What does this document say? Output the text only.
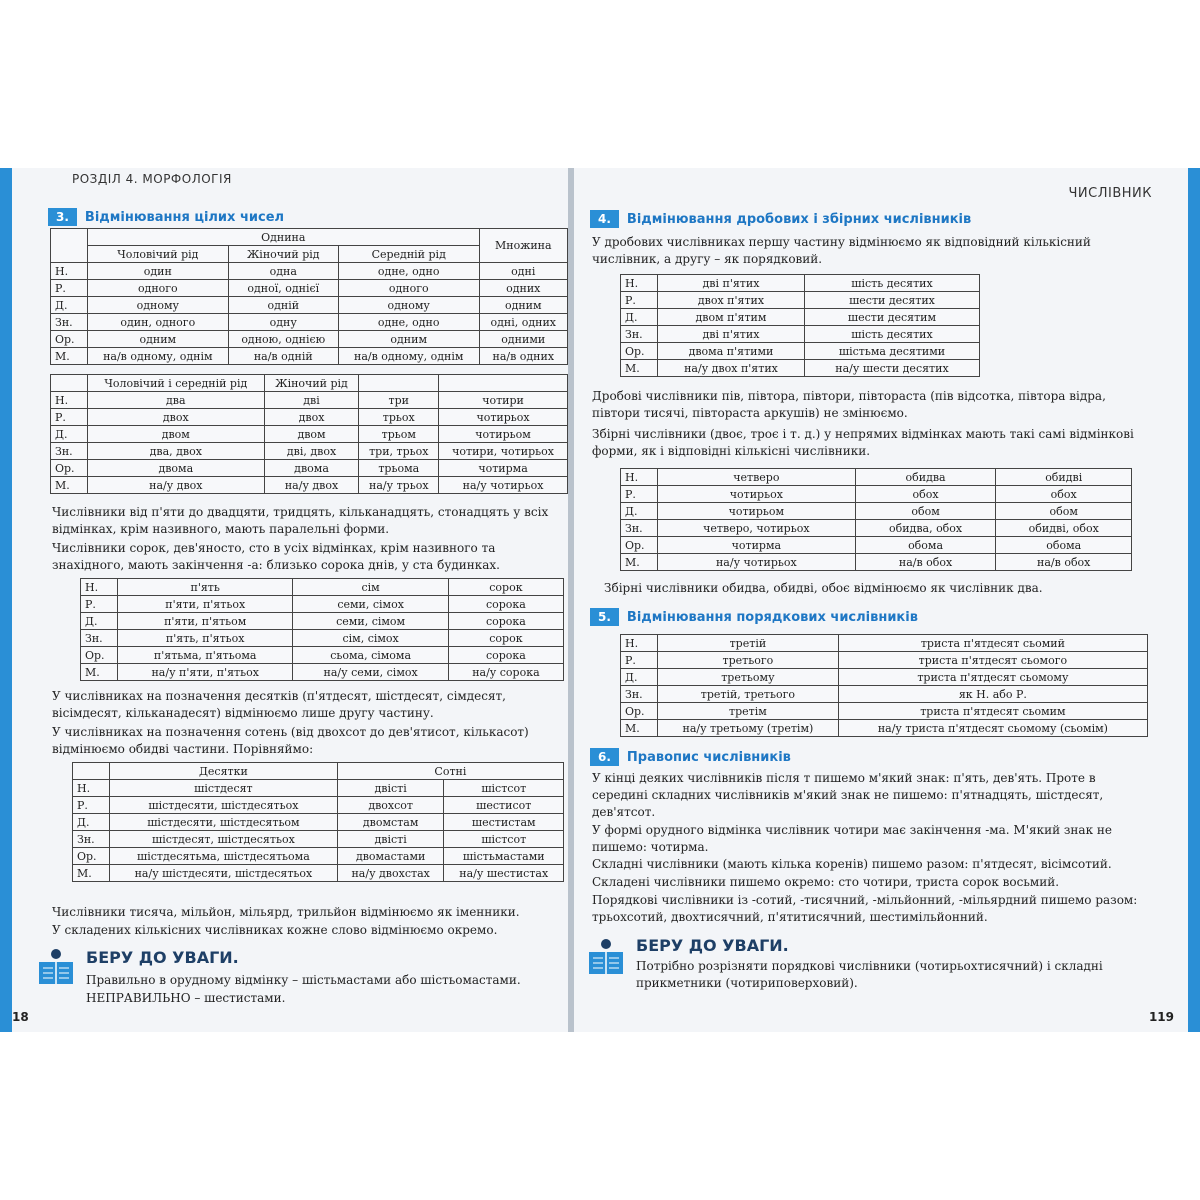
РОЗДІЛ 4. МОРФОЛОГІЯ
3.	Відмінювання цілих чисел
	Однина			Множина
	Чоловічий рід	Жіночий рід	Середній рід	
Н.	один	одна	одне, одно	одні
Р.	одного	одної, однієї	одного	одних
Д.	одному	одній	одному	одним
Зн.	один, одного	одну	одне, одно	одні, одних
Ор.	одним	одною, однією	одним	одними
М.	на/в одному, однім	на/в одній	на/в одному, однім	на/в одних
	Чоловічий і середній рід	Жіночий рід		
Н.	два	дві	три	чотири
Р.	двох	двох	трьох	чотирьох
Д.	двом	двом	трьом	чотирьом
Зн.	два, двох	дві, двох	три, трьох	чотири, чотирьох
Ор.	двома	двома	трьома	чотирма
М.	на/у двох	на/у двох	на/у трьох	на/у чотирьох
Числівники від п'яти до двадцяти, тридцять, кільканадцять, стонадцять у всіх відмінках, крім називного, мають паралельні форми.
Числівники сорок, дев'яносто, сто в усіх відмінках, крім називного та знахідного, мають закінчення -а: близько сорока днів, у ста будинках.
Н.	п'ять	сім	сорок
Р.	п'яти, п'ятьох	семи, сімох	сорока
Д.	п'яти, п'ятьом	семи, сімом	сорока
Зн.	п'ять, п'ятьох	сім, сімох	сорок
Ор.	п'ятьма, п'ятьома	сьома, сімома	сорока
М.	на/у п'яти, п'ятьох	на/у семи, сімох	на/у сорока
У числівниках на позначення десятків (п'ятдесят, шістдесят, сімдесят, вісімдесят, кільканадесят) відмінюємо лише другу частину.
У числівниках на позначення сотень (від двохсот до дев'ятисот, кількасот) відмінюємо обидві частини. Порівняймо:
	Десятки	Сотні	
Н.	шістдесят	двісті	шістсот
Р.	шістдесяти, шістдесятьох	двохсот	шестисот
Д.	шістдесяти, шістдесятьом	двомстам	шестистам
Зн.	шістдесят, шістдесятьох	двісті	шістсот
Ор.	шістдесятьма, шістдесятьома	двомастами	шістьмастами
М.	на/у шістдесяти, шістдесятьох	на/у двохстах	на/у шестистах
Числівники тисяча, мільйон, мільярд, трильйон відмінюємо як іменники.
У складених кількісних числівниках кожне слово відмінюємо окремо.
БЕРУ ДО УВАГИ.
Правильно в орудному відмінку – шістьмастами або шістьомастами.
НЕПРАВИЛЬНО – шестистами.
18
ЧИСЛІВНИК
4.	Відмінювання дробових і збірних числівників
У дробових числівниках першу частину відмінюємо як відповідний кількісний числівник, а другу – як порядковий.
Н.	дві п'ятих	шість десятих
Р.	двох п'ятих	шести десятих
Д.	двом п'ятим	шести десятим
Зн.	дві п'ятих	шість десятих
Ор.	двома п'ятими	шістьма десятими
М.	на/у двох п'ятих	на/у шести десятих
Дробові числівники пів, півтора, півтори, півтораста (пів відсотка, півтора відра, півтори тисячі, півтораста аркушів) не змінюємо.
Збірні числівники (двоє, троє і т. д.) у непрямих відмінках мають такі самі відмінкові форми, як і відповідні кількісні числівники.
Н.	четверо	обидва	обидві
Р.	чотирьох	обох	обох
Д.	чотирьом	обом	обом
Зн.	четверо, чотирьох	обидва, обох	обидві, обох
Ор.	чотирма	обома	обома
М.	на/у чотирьох	на/в обох	на/в обох
Збірні числівники обидва, обидві, обоє відмінюємо як числівник два.
5.	Відмінювання порядкових числівників
Н.	третій	триста п'ятдесят сьомий
Р.	третього	триста п'ятдесят сьомого
Д.	третьому	триста п'ятдесят сьомому
Зн.	третій, третього	як Н. або Р.
Ор.	третім	триста п'ятдесят сьомим
М.	на/у третьому (третім)	на/у триста п'ятдесят сьомому (сьомім)
6.	Правопис числівників
У кінці деяких числівників після т пишемо м'який знак: п'ять, дев'ять. Проте в середині складних числівників м'який знак не пишемо: п'ятнадцять, шістдесят, дев'ятсот.
У формі орудного відмінка числівник чотири має закінчення -ма. М'який знак не пишемо: чотирма.
Складні числівники (мають кілька коренів) пишемо разом: п'ятдесят, вісімсотий.
Складені числівники пишемо окремо: сто чотири, триста сорок восьмий.
Порядкові числівники із -сотий, -тисячний, -мільйонний, -мільярдний пишемо разом: трьохсотий, двохтисячний, п'ятитисячний, шестимільйонний.
БЕРУ ДО УВАГИ.
Потрібно розрізняти порядкові числівники (чотирьохтисячний) і складні прикметники (чотириповерховий).
119
